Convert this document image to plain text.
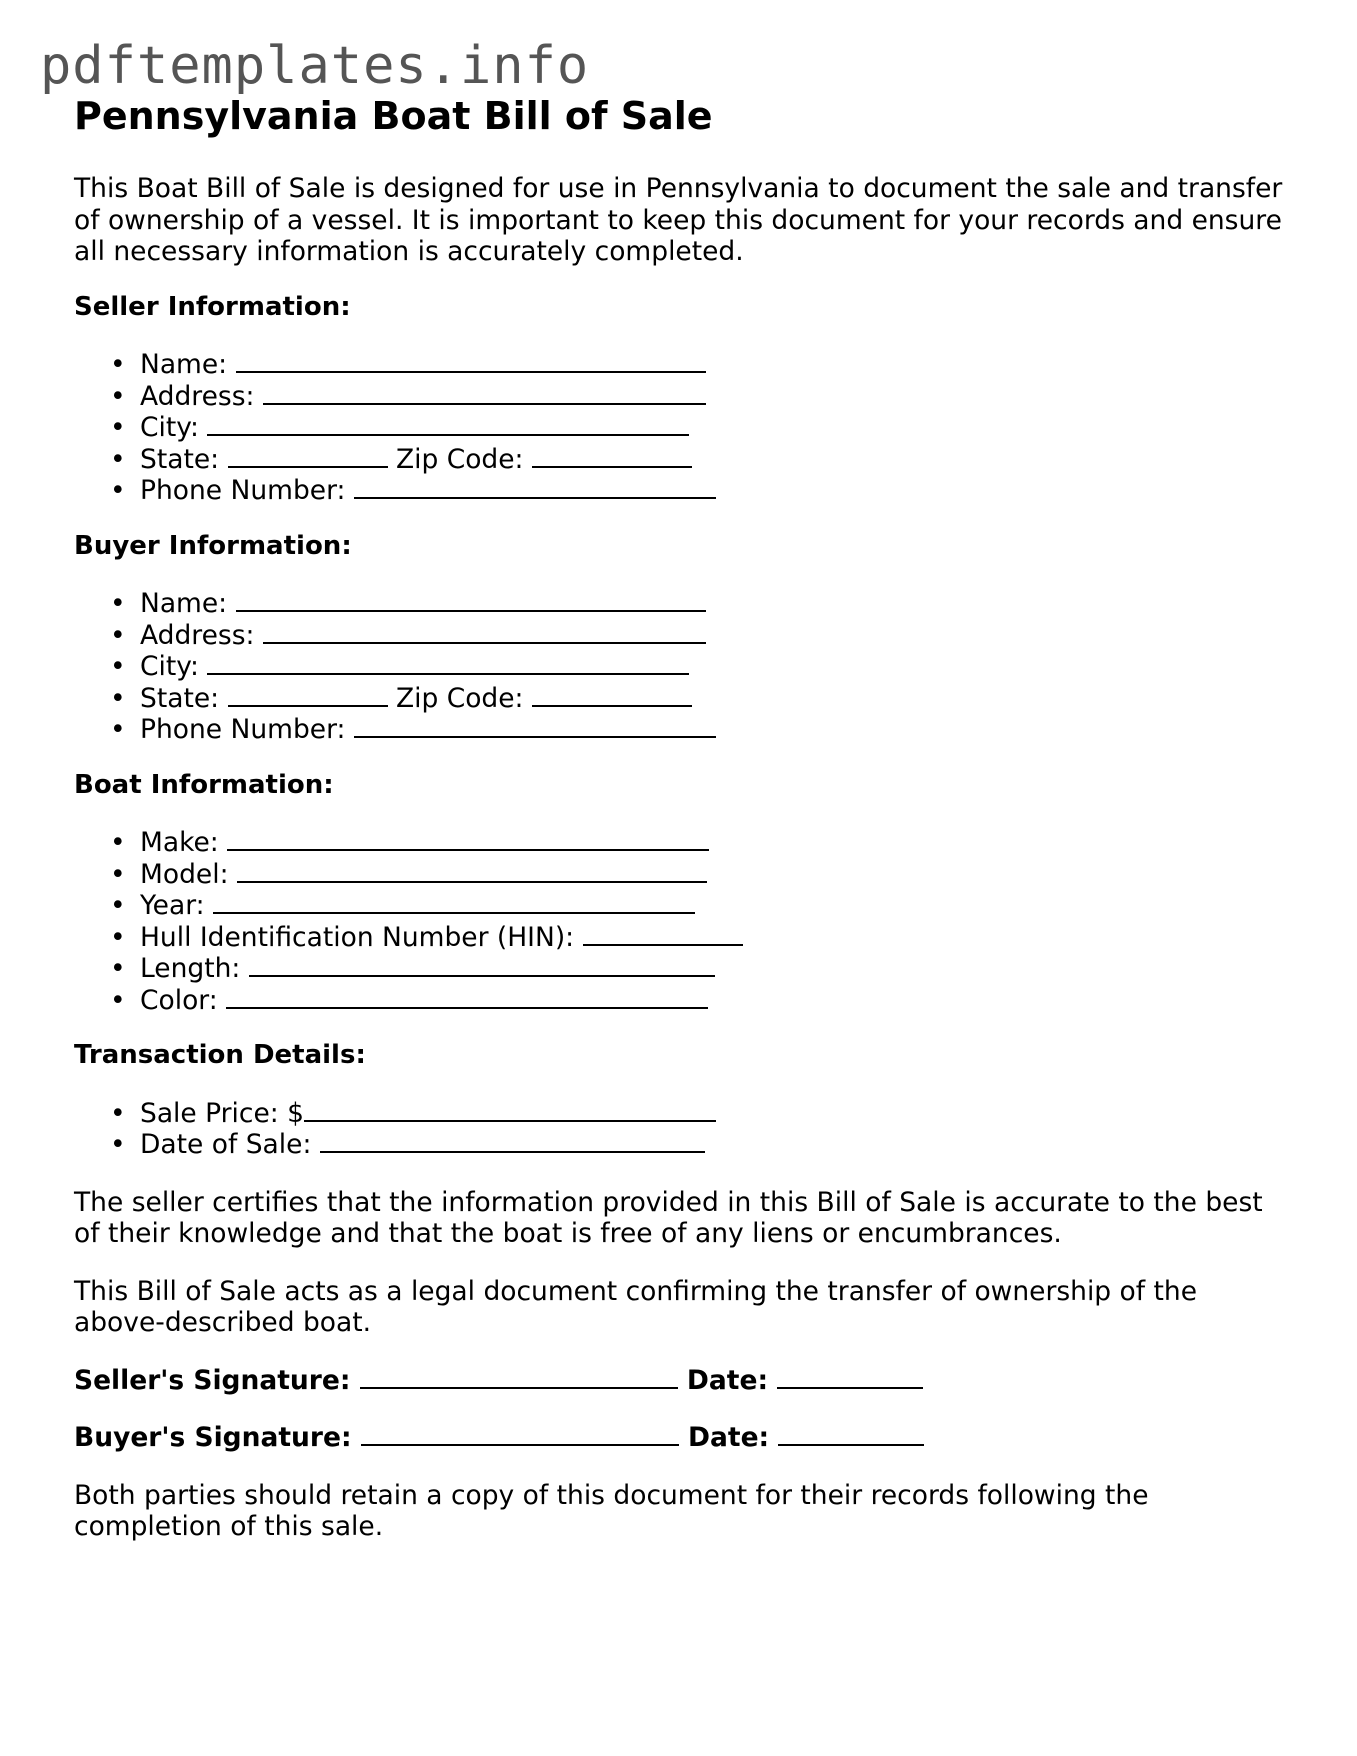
pdftemplates.info
Pennsylvania Boat Bill of Sale

This Boat Bill of Sale is designed for use in Pennsylvania to document the sale and transfer of ownership of a vessel. It is important to keep this document for your records and ensure all necessary information is accurately completed.

Seller Information:
• Name:
• Address:
• City:
• State:	Zip Code:
• Phone Number:
Buyer Information:
• Name:
• Address:
• City:
• State:	Zip Code:
• Phone Number:
Boat Information:
• Make:
• Model:
• Year:
• Hull Identification Number (HIN):
• Length:
• Color:
Transaction Details:
• Sale Price: $
• Date of Sale:

The seller certifies that the information provided in this Bill of Sale is accurate to the best of their knowledge and that the boat is free of any liens or encumbrances.

This Bill of Sale acts as a legal document confirming the transfer of ownership of the above-described boat.

Seller's Signature:	Date:
Buyer's Signature:	Date:

Both parties should retain a copy of this document for their records following the completion of this sale.
